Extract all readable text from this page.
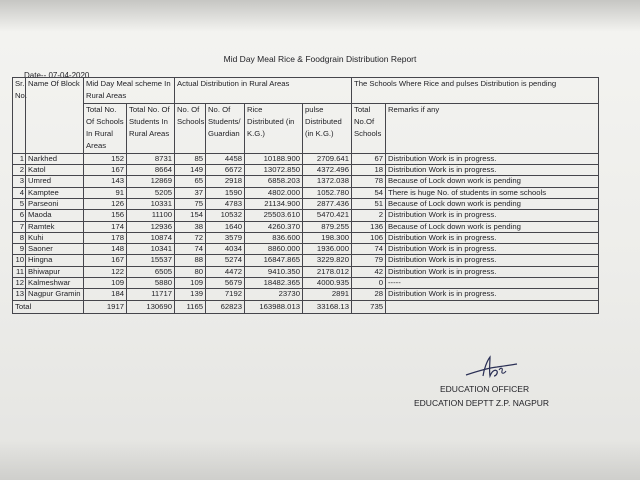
Mid Day Meal Rice & Foodgrain Distribution Report
Date-- 07-04-2020
Sr. No.	Name Of Block	Mid Day Meal scheme In Rural Areas		Actual Distribution in Rural Areas				The Schools Where Rice and pulses Distribution is pending	
		Total No. Of Schools In Rural Areas	Total No. Of Students In Rural Areas	No. Of Schools	No. Of Students/ Guardian	Rice Distributed (in K.G.)	pulse Distributed (in K.G.)	Total No.Of Schools	Remarks if any
1	Narkhed	152	8731	85	4458	10188.900	2709.641	67	Distribution Work is in progress.
2	Katol	167	8664	149	6672	13072.850	4372.496	18	Distribution Work is in progress.
3	Umred	143	12869	65	2918	6858.203	1372.038	78	Because of Lock down work is pending
4	Kamptee	91	5205	37	1590	4802.000	1052.780	54	There is huge No. of students in some schools
5	Parseoni	126	10331	75	4783	21134.900	2877.436	51	Because of Lock down work is pending
6	Maoda	156	11100	154	10532	25503.610	5470.421	2	Distribution Work is in progress.
7	Ramtek	174	12936	38	1640	4260.370	879.255	136	Because of Lock down work is pending
8	Kuhi	178	10874	72	3579	836.600	198.300	106	Distribution Work is in progress.
9	Saoner	148	10341	74	4034	8860.000	1936.000	74	Distribution Work is in progress.
10	Hingna	167	15537	88	5274	16847.865	3229.820	79	Distribution Work is in progress.
11	Bhiwapur	122	6505	80	4472	9410.350	2178.012	42	Distribution Work is in progress.
12	Kalmeshwar	109	5880	109	5679	18482.365	4000.935	0	-----
13	Nagpur Gramin	184	11717	139	7192	23730	2891	28	Distribution Work is in progress.
Total		1917	130690	1165	62823	163988.013	33168.13	735	
EDUCATION OFFICER
EDUCATION DEPTT Z.P. NAGPUR
